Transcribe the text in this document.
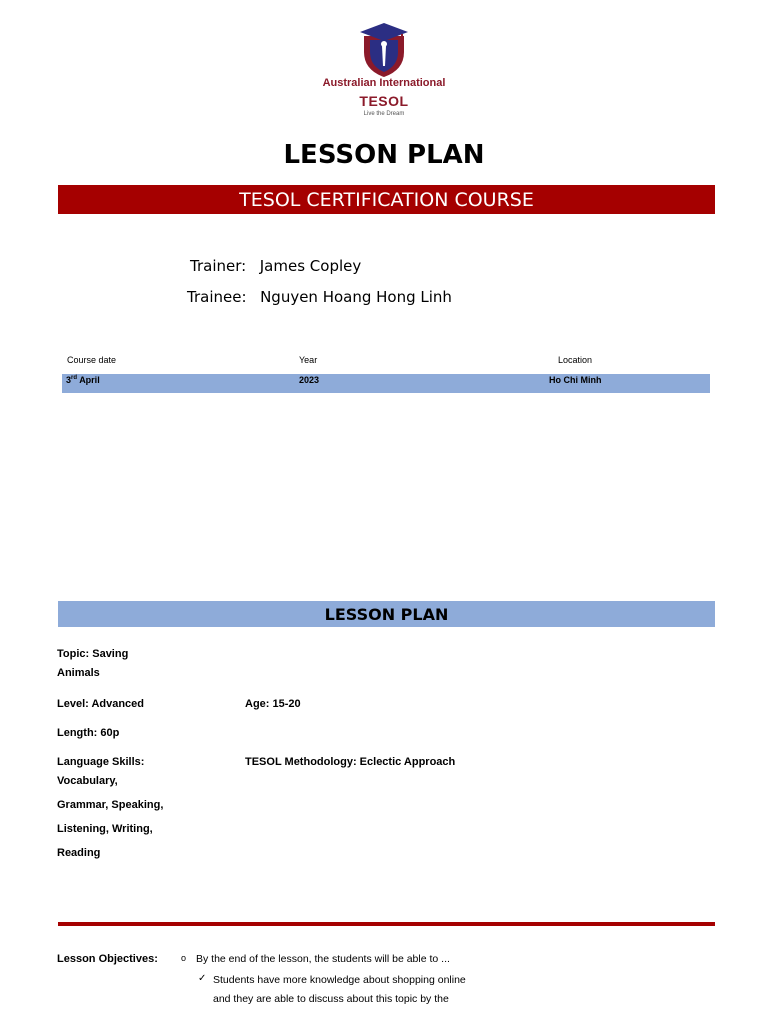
Australian International
TESOL
Live the Dream
LESSON PLAN
TESOL CERTIFICATION COURSE
Trainer: James Copley
Trainee: Nguyen Hoang Hong Linh
Course date	Year	Location
3rd April	2023	Ho Chi Minh
LESSON PLAN
Topic: Saving
Animals
Level: Advanced	Age: 15-20
Length: 60p
Language Skills:
Vocabulary,
Grammar, Speaking,
Listening, Writing,
Reading
TESOL Methodology: Eclectic Approach
Lesson Objectives:	o By the end of the lesson, the students will be able to ...
✓ Students have more knowledge about shopping online
and they are able to discuss about this topic by the
